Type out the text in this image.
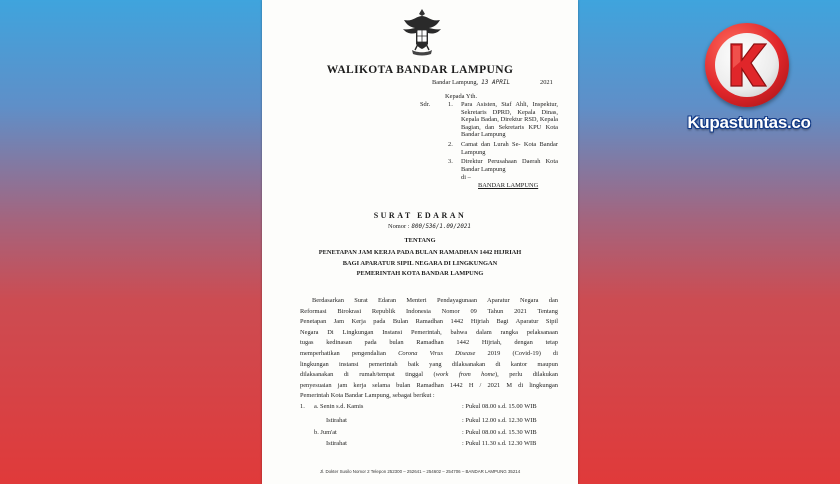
WALIKOTA BANDAR LAMPUNG
Bandar Lampung, 13 APRIL	2021
Kepada Yth.
Sdr.	1. Para Asisten, Staf Ahli, Inspektur, Sekretaris DPRD, Kepala Dinas, Kepala Badan, Direktur RSD, Kepala Bagian, dan Sekretaris KPU Kota Bandar Lampung
2. Camat dan Lurah Se- Kota Bandar Lampung
3. Direktur Perusahaan Daerah Kota Bandar Lampung
di –
BANDAR LAMPUNG
SURAT EDARAN
Nomor : 800/536/1.09/2021
TENTANG
PENETAPAN JAM KERJA PADA BULAN RAMADHAN 1442 HIJRIAH
BAGI APARATUR SIPIL NEGARA DI LINGKUNGAN
PEMERINTAH KOTA BANDAR LAMPUNG
Berdasarkan Surat Edaran Menteri Pendayagunaan Aparatur Negara dan
Reformasi Birokrasi Republik Indonesia Nomor 09 Tahun 2021 Tentang
Penetapan Jam Kerja pada Bulan Ramadhan 1442 Hijriah Bagi Aparatur Sipil
Negara Di Lingkungan Instansi Pemerintah, bahwa dalam rangka pelaksanaan
tugas kedinasan pada bulan Ramadhan 1442 Hijriah, dengan tetap
memperhatikan pengendalian Corona Virus Disease 2019 (Covid-19) di
lingkungan instansi pemerintah baik yang dilaksanakan di kantor maupun
dilaksanakan di rumah/tempat tinggal (work from home), perlu dilakukan
penyesuaian jam kerja selama bulan Ramadhan 1442 H / 2021 M di lingkungan
Pemerintah Kota Bandar Lampung, sebagai berikut :
1. a. Senin s.d. Kamis	: Pukul 08.00 s.d. 15.00 WIB
Istirahat	: Pukul 12.00 s.d. 12.30 WIB
b. Jum'at	: Pukul 08.00 s.d. 15.30 WIB
Istirahat	: Pukul 11.30 s.d. 12.30 WIB
Jl. Dokter Susilo Nomor 2 Telepon 252300 – 252641 – 254602 – 254706 – BANDAR LAMPUNG 35214
Kupastuntas.co
